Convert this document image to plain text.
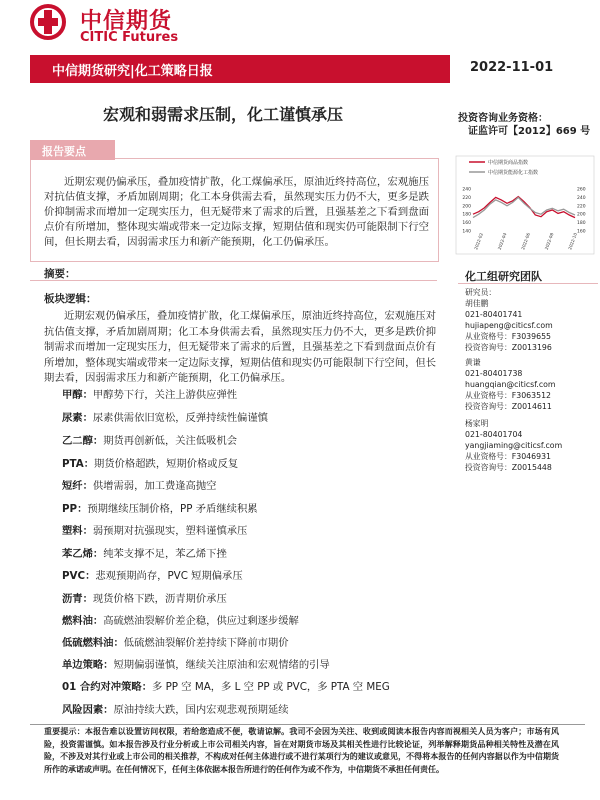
中信期货
CITIC Futures
中信期货研究|化工策略日报	2022-11-01
宏观和弱需求压制，化工谨慎承压	投资咨询业务资格：
证监许可【2012】669 号
报告要点
近期宏观仍偏承压，叠加疫情扩散，化工煤偏承压，原油近终持高位，宏观施压对抗估值支撑，矛盾加剧周期；化工本身供需去看，虽然现实压力仍不大，更多是跌价抑制需求而增加一定现实压力，但无疑带来了需求的后置，且强基差之下看到盘面点价有所增加，整体现实端或带来一定边际支撑，短期估值和现实仍可能限制下行空间，但长期去看，因弱需求压力和新产能预期，化工仍偏承压。
摘要：
板块逻辑：
近期宏观仍偏承压，叠加疫情扩散，化工煤偏承压，原油近终持高位，宏观施压对抗估值支撑，矛盾加剧周期；化工本身供需去看，虽然现实压力仍不大，更多是跌价抑制需求而增加一定现实压力，但无疑带来了需求的后置，且强基差之下看到盘面点价有所增加，整体现实端或带来一定边际支撑，短期估值和现实仍可能限制下行空间，但长期去看，因弱需求压力和新产能预期，化工仍偏承压。
甲醇：甲醇势下行，关注上游供应弹性
尿素：尿素供需依旧宽松，反弹持续性偏谨慎
乙二醇：期货再创新低，关注低吸机会
PTA：期货价格超跌，短期价格或反复
短纤：供增需弱，加工费逢高抛空
PP：预期继续压制价格，PP 矛盾继续积累
塑料：弱预期对抗强现实，塑料谨慎承压
苯乙烯：纯苯支撑不足，苯乙烯下挫
PVC：悲观预期尚存，PVC 短期偏承压
沥青：现货价格下跌，沥青期价承压
燃料油：高硫燃油裂解价差企稳，供应过剩逐步缓解
低硫燃料油：低硫燃油裂解价差持续下降前市期价
单边策略：短期偏弱谨慎，继续关注原油和宏观情绪的引导
01 合约对冲策略：多 PP 空 MA，多 L 空 PP 或 PVC，多 PTA 空 MEG
风险因素：原油持续大跌，国内宏观悲观预期延续
中信期货商品指数
中信期货能源化工指数
240
220
200
180
160
140
260
240
220
200
180
160
2022-02	2022-04	2022-06	2022-08	2022-10
化工组研究团队
研究员：
胡佳鹏
021-80401741
hujiapeng@citicsf.com
从业资格号：F3039655
投资咨询号：Z0013196
黄谦
021-80401738
huangqian@citicsf.com
从业资格号：F3063512
投资咨询号：Z0014611
杨家明
021-80401704
yangjiaming@citicsf.com
从业资格号：F3046931
投资咨询号：Z0015448
重要提示：本报告难以设置访问权限，若给您造成不便，敬请谅解。我司不会因为关注、收到或阅读本报告内容而视相关人员为客户；市场有风险，投资需谨慎。如本报告涉及行业分析或上市公司相关内容，旨在对期货市场及其相关性进行比较论证，列举解释期货品种相关特性及潜在风险，不涉及对其行业或上市公司的相关推荐，不构成对任何主体进行或不进行某项行为的建议或意见，不得将本报告的任何内容据以作为中信期货所作的承诺或声明。在任何情况下，任何主体依据本报告所进行的任何作为或不作为，中信期货不承担任何责任。
